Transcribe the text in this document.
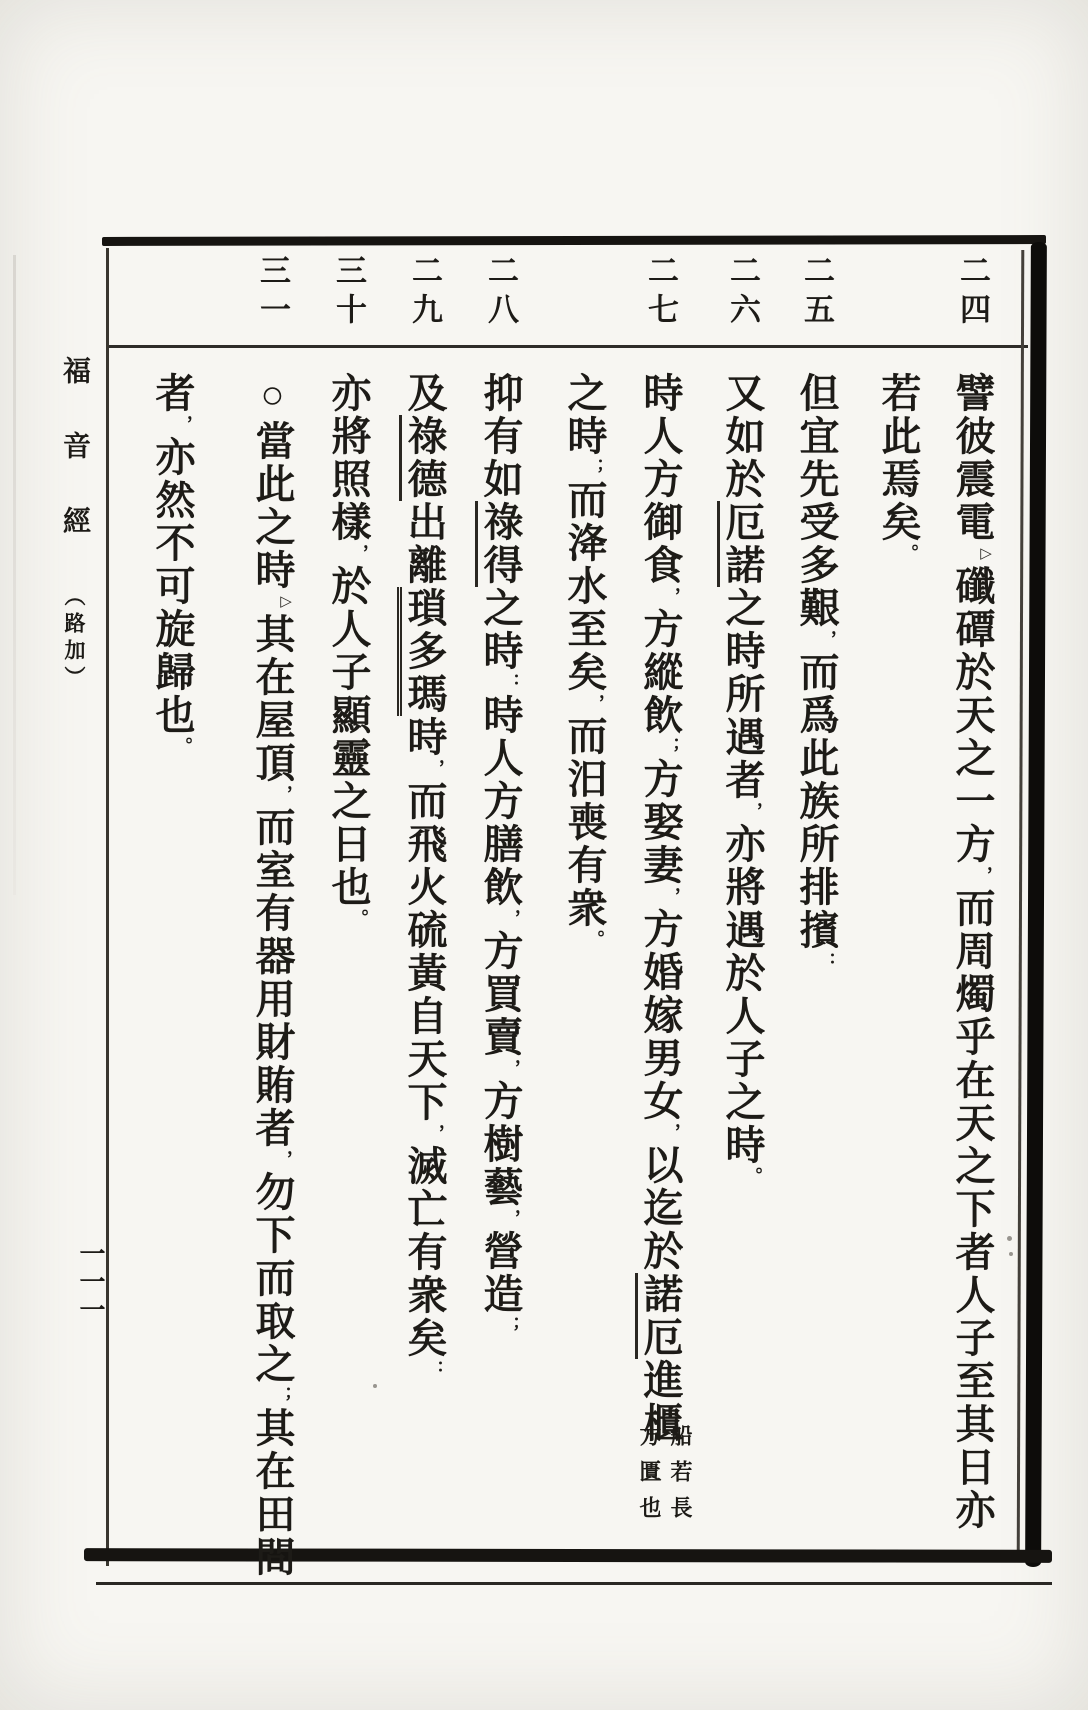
福音經 （路加）
一一一
二四
譬彼震電▷䃸磹於天之一方，而周燭乎在天之下者人子至其日亦
若此焉矣。
二五
但宜先受多艱，而爲此族所排擯：
二六
又如於厄諾之時所遇者，亦將遇於人子之時。
二七
時人方御食，方縱飲；方娶妻，方婚嫁男女，以迄於諾厄進櫃
船若長
方匱也
之時；而洚水至矣，而汨喪有衆。
二八
抑有如祿得之時：時人方膳飲，方買賣，方樹藝，營造；
二九
及祿德出離瑣多瑪時，而飛火硫黃自天下，滅亡有衆矣：
三十
亦將照樣，於人子顯靈之日也。
三一
○當此之時▷其在屋頂，而室有器用財賄者，勿下而取之；其在田間
者，亦然不可旋歸也。
